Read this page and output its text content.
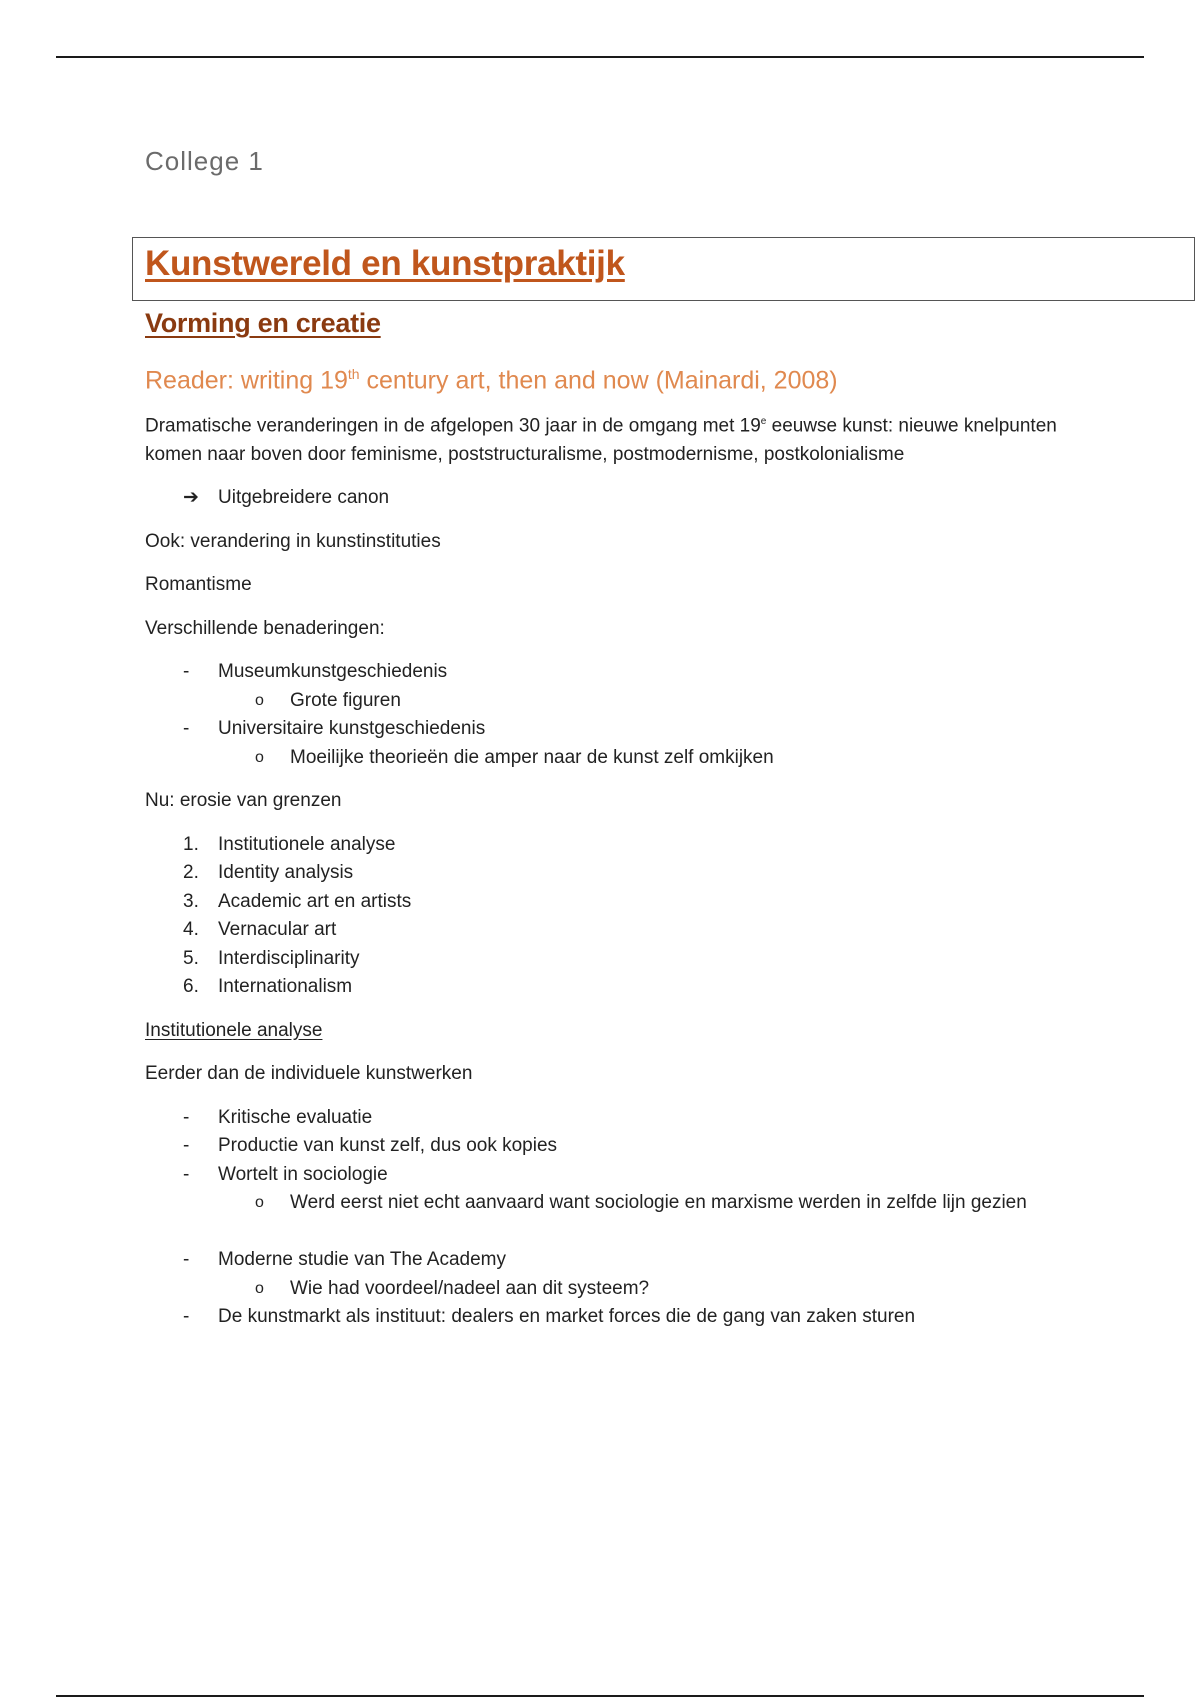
College 1
Kunstwereld en kunstpraktijk
Vorming en creatie
Reader: writing 19th century art, then and now (Mainardi, 2008)

Dramatische veranderingen in de afgelopen 30 jaar in de omgang met 19e eeuwse kunst: nieuwe knelpunten komen naar boven door feminisme, poststructuralisme, postmodernisme, postkolonialisme

➔ Uitgebreidere canon

Ook: verandering in kunstinstituties

Romantisme

Verschillende benaderingen:

- Museumkunstgeschiedenis
o Grote figuren
- Universitaire kunstgeschiedenis
o Moeilijke theorieën die amper naar de kunst zelf omkijken

Nu: erosie van grenzen

1. Institutionele analyse
2. Identity analysis
3. Academic art en artists
4. Vernacular art
5. Interdisciplinarity
6. Internationalism

Institutionele analyse

Eerder dan de individuele kunstwerken

- Kritische evaluatie
- Productie van kunst zelf, dus ook kopies
- Wortelt in sociologie
o Werd eerst niet echt aanvaard want sociologie en marxisme werden in zelfde lijn gezien
- Moderne studie van The Academy
o Wie had voordeel/nadeel aan dit systeem?
- De kunstmarkt als instituut: dealers en market forces die de gang van zaken sturen
